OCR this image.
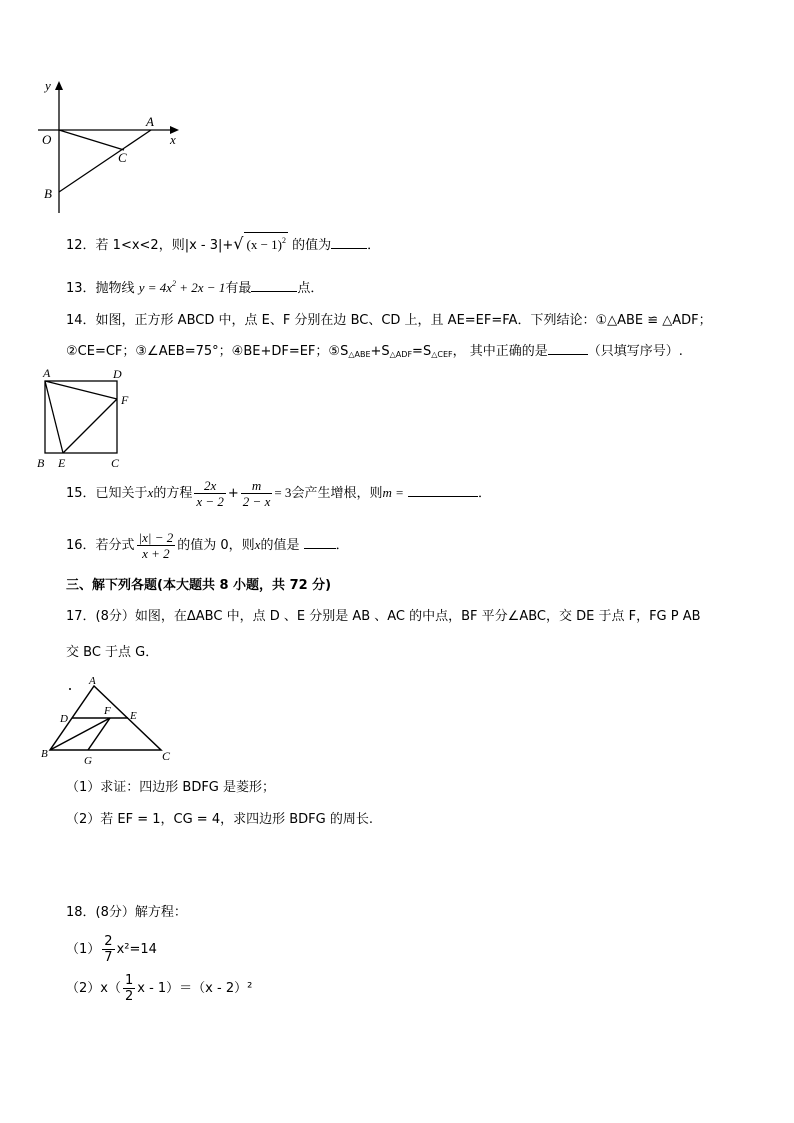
y
x
O
A
B
C
12．若 1<x<2，则|x - 3|+√ $(x - 1)^2$ 的值为	．
13．抛物线 $y = 4x^2 + 2x - 1$有最	点．
14．如图，正方形 ABCD 中，点 E、F 分别在边 BC、CD 上，且 AE=EF=FA．下列结论：①△ABE ≌ △ADF；
②CE=CF；③∠AEB=75°；④BE+DF=EF；$⑤S_{\triangle ABE}+S_{\triangle ADF}=S_{\triangle CEF}$， 其中正确的是	（只填写序号）.
A	D
F
B E	C
15．已知关于x的方程 $\frac{2x}{x - 2} + \frac{m}{2 - x} = 3$会产生增根，则m =	．
16．若分式 $\frac{|x| - 2}{x + 2}$ 的值为 0，则x的值是	．
三、解下列各题(本大题共 8 小题，共 72 分)
17．(8分）如图，在ΔABC 中，点 D 、E 分别是 AB 、AC 的中点，BF 平分∠ABC，交 DE 于点 F，FG P AB
交 BC 于点 G．
A
D
F E
B
G	C
（1）求证：四边形 BDFG 是菱形；
（2）若 EF = 1，CG = 4，求四边形 BDFG 的周长.
18．(8分）解方程：
$(1) \frac{2}{7} x^2=14$
$(2)x( \frac{1}{2}$ x - 1）＝（x - 2）²
